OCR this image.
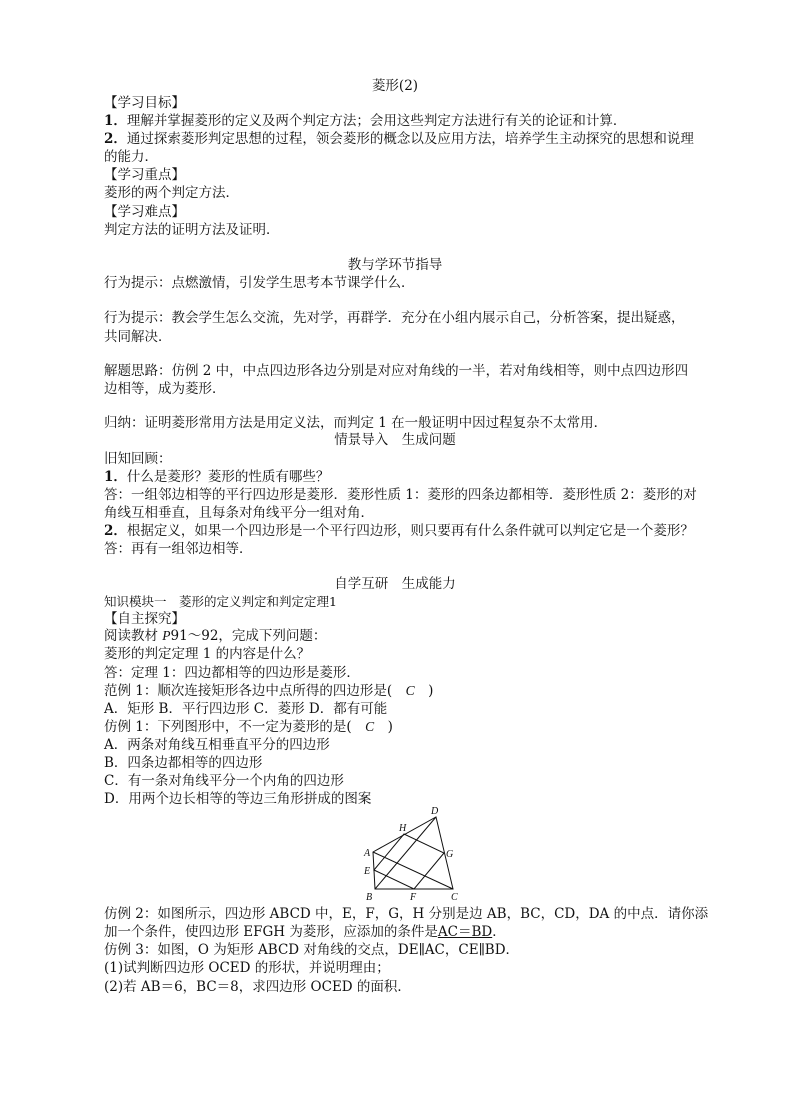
菱形(2)
【学习目标】
1．理解并掌握菱形的定义及两个判定方法；会用这些判定方法进行有关的论证和计算．
2．通过探索菱形判定思想的过程，领会菱形的概念以及应用方法，培养学生主动探究的思想和说理
的能力．
【学习重点】
菱形的两个判定方法．
【学习难点】
判定方法的证明方法及证明．
教与学环节指导
行为提示：点燃激情，引发学生思考本节课学什么．
行为提示：教会学生怎么交流，先对学，再群学．充分在小组内展示自己，分析答案，提出疑惑，
共同解决．
解题思路：仿例 2 中，中点四边形各边分别是对应对角线的一半，若对角线相等，则中点四边形四
边相等，成为菱形．
归纳：证明菱形常用方法是用定义法，而判定 1 在一般证明中因过程复杂不太常用．
情景导入　生成问题
旧知回顾：
1．什么是菱形？菱形的性质有哪些？
答：一组邻边相等的平行四边形是菱形．菱形性质 1：菱形的四条边都相等．菱形性质 2：菱形的对
角线互相垂直，且每条对角线平分一组对角．
2．根据定义，如果一个四边形是一个平行四边形，则只要再有什么条件就可以判定它是一个菱形？
答：再有一组邻边相等．
自学互研　生成能力
知识模块一　菱形的定义判定和判定定理1
【自主探究】
阅读教材 P91～92，完成下列问题：
菱形的判定定理 1 的内容是什么？
答：定理 1：四边都相等的四边形是菱形．
范例 1：顺次连接矩形各边中点所得的四边形是(　C　)
A．矩形 B．平行四边形 C．菱形 D．都有可能
仿例 1：下列图形中，不一定为菱形的是(　C　)
A．两条对角线互相垂直平分的四边形
B．四条边都相等的四边形
C．有一条对角线平分一个内角的四边形
D．用两个边长相等的等边三角形拼成的图案
D
H
A	G
E
B	F	C
仿例 2：如图所示，四边形 ABCD 中，E，F，G，H 分别是边 AB，BC，CD，DA 的中点．请你添
加一个条件，使四边形 EFGH 为菱形，应添加的条件是AC＝BD．
仿例 3：如图，O 为矩形 ABCD 对角线的交点，DE∥AC，CE∥BD．
(1)试判断四边形 OCED 的形状，并说明理由；
(2)若 AB＝6，BC＝8，求四边形 OCED 的面积．
